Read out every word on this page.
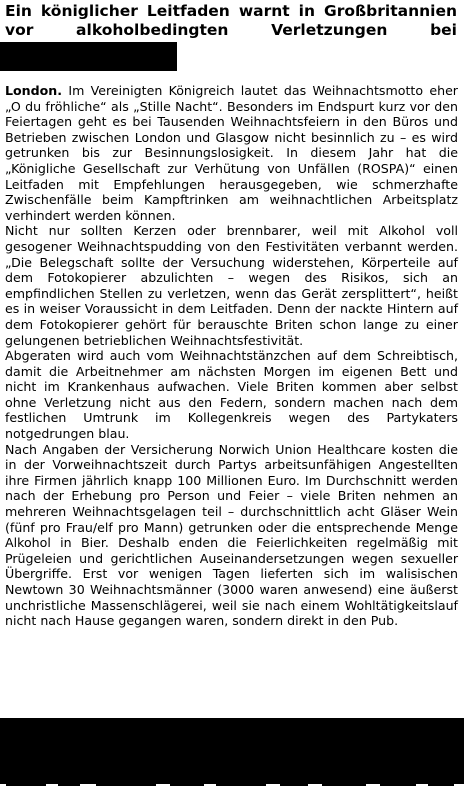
Ein königlicher Leitfaden warnt in Großbritannien vor alkoholbedingten Verletzungen bei

London. Im Vereinigten Königreich lautet das Weihnachtsmotto eher „O du fröhliche“ als „Stille Nacht“. Besonders im Endspurt kurz vor den Feiertagen geht es bei Tausenden Weihnachtsfeiern in den Büros und Betrieben zwischen London und Glasgow nicht besinnlich zu – es wird getrunken bis zur Besinnungslosigkeit. In diesem Jahr hat die „Königliche Gesellschaft zur Verhütung von Unfällen (ROSPA)“ einen Leitfaden mit Empfehlungen herausgegeben, wie schmerzhafte Zwischenfälle beim Kampftrinken am weihnachtlichen Arbeitsplatz verhindert werden können.

Nicht nur sollten Kerzen oder brennbarer, weil mit Alkohol voll gesogener Weihnachtspudding von den Festivitäten verbannt werden. „Die Belegschaft sollte der Versuchung widerstehen, Körperteile auf dem Fotokopierer abzulichten – wegen des Risikos, sich an empfindlichen Stellen zu verletzen, wenn das Gerät zersplittert“, heißt es in weiser Voraussicht in dem Leitfaden. Denn der nackte Hintern auf dem Fotokopierer gehört für berauschte Briten schon lange zu einer gelungenen betrieblichen Weihnachtsfestivität.

Abgeraten wird auch vom Weihnachtstänzchen auf dem Schreibtisch, damit die Arbeitnehmer am nächsten Morgen im eigenen Bett und nicht im Krankenhaus aufwachen. Viele Briten kommen aber selbst ohne Verletzung nicht aus den Federn, sondern machen nach dem festlichen Umtrunk im Kollegenkreis wegen des Partykaters notgedrungen blau.

Nach Angaben der Versicherung Norwich Union Healthcare kosten die in der Vorweihnachtszeit durch Partys arbeitsunfähigen Angestellten ihre Firmen jährlich knapp 100 Millionen Euro. Im Durchschnitt werden nach der Erhebung pro Person und Feier – viele Briten nehmen an mehreren Weihnachtsgelagen teil – durchschnittlich acht Gläser Wein (fünf pro Frau/elf pro Mann) getrunken oder die entsprechende Menge Alkohol in Bier. Deshalb enden die Feierlichkeiten regelmäßig mit Prügeleien und gerichtlichen Auseinandersetzungen wegen sexueller Übergriffe. Erst vor wenigen Tagen lieferten sich im walisischen Newtown 30 Weihnachtsmänner (3000 waren anwesend) eine äußerst unchristliche Massenschlägerei, weil sie nach einem Wohltätigkeitslauf nicht nach Hause gegangen waren, sondern direkt in den Pub.
